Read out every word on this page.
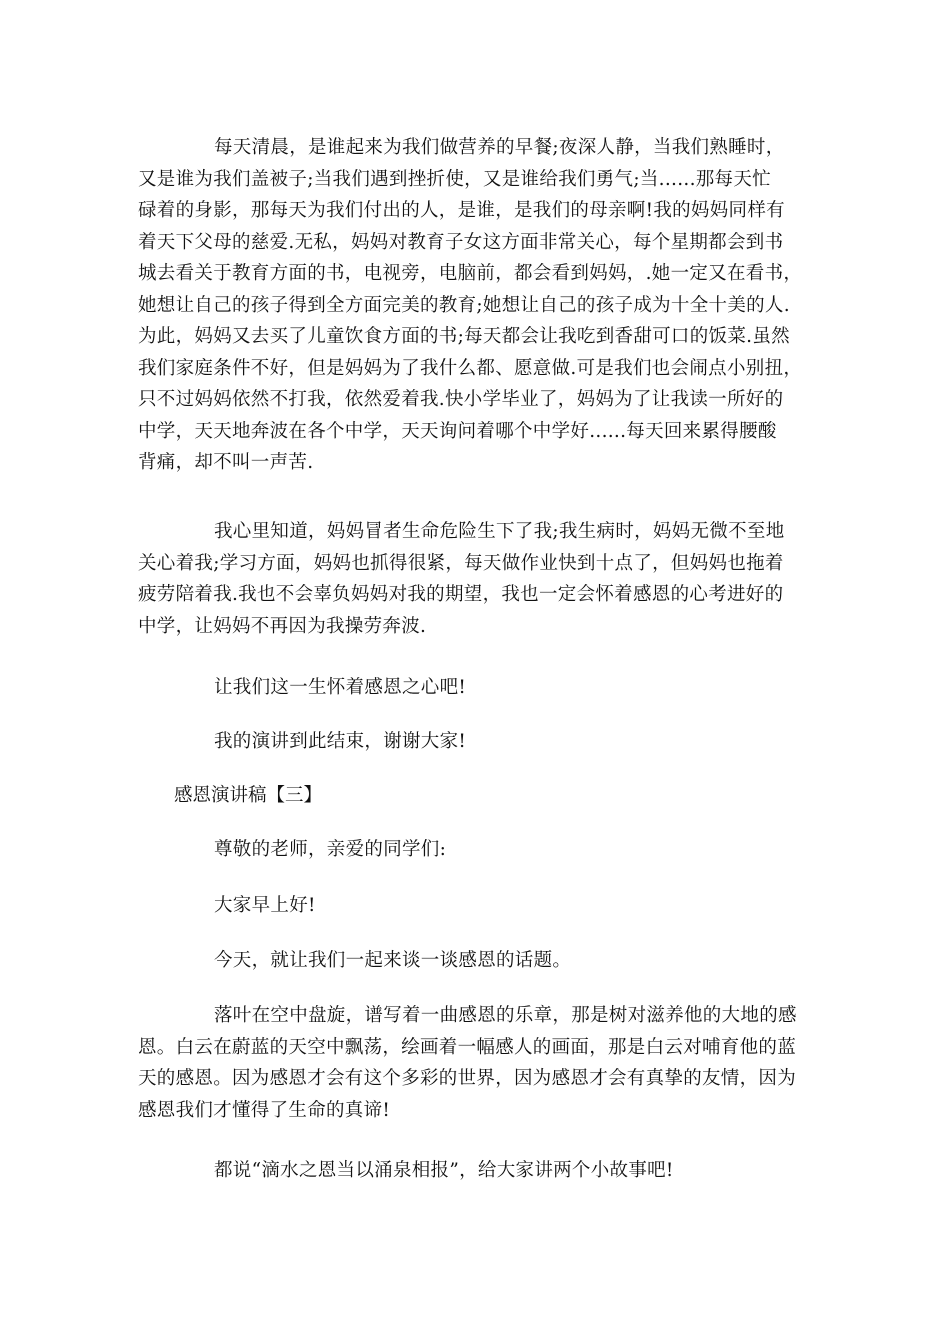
每天清晨，是谁起来为我们做营养的早餐;夜深人静，当我们熟睡时，
又是谁为我们盖被子;当我们遇到挫折使，又是谁给我们勇气;当......那每天忙
碌着的身影，那每天为我们付出的人，是谁，是我们的母亲啊!我的妈妈同样有
着天下父母的慈爱.无私，妈妈对教育子女这方面非常关心，每个星期都会到书
城去看关于教育方面的书，电视旁，电脑前，都会看到妈妈，.她一定又在看书，
她想让自己的孩子得到全方面完美的教育;她想让自己的孩子成为十全十美的人.
为此，妈妈又去买了儿童饮食方面的书;每天都会让我吃到香甜可口的饭菜.虽然
我们家庭条件不好，但是妈妈为了我什么都、愿意做.可是我们也会闹点小别扭，
只不过妈妈依然不打我，依然爱着我.快小学毕业了，妈妈为了让我读一所好的
中学，天天地奔波在各个中学，天天询问着哪个中学好......每天回来累得腰酸
背痛，却不叫一声苦.
我心里知道，妈妈冒者生命危险生下了我;我生病时，妈妈无微不至地
关心着我;学习方面，妈妈也抓得很紧，每天做作业快到十点了，但妈妈也拖着
疲劳陪着我.我也不会辜负妈妈对我的期望，我也一定会怀着感恩的心考进好的
中学，让妈妈不再因为我操劳奔波.
让我们这一生怀着感恩之心吧!
我的演讲到此结束，谢谢大家!
感恩演讲稿【三】
尊敬的老师，亲爱的同学们:
大家早上好!
今天，就让我们一起来谈一谈感恩的话题。
落叶在空中盘旋，谱写着一曲感恩的乐章，那是树对滋养他的大地的感
恩。白云在蔚蓝的天空中飘荡，绘画着一幅感人的画面，那是白云对哺育他的蓝
天的感恩。因为感恩才会有这个多彩的世界，因为感恩才会有真挚的友情，因为
感恩我们才懂得了生命的真谛!
都说“滴水之恩当以涌泉相报”，给大家讲两个小故事吧!
